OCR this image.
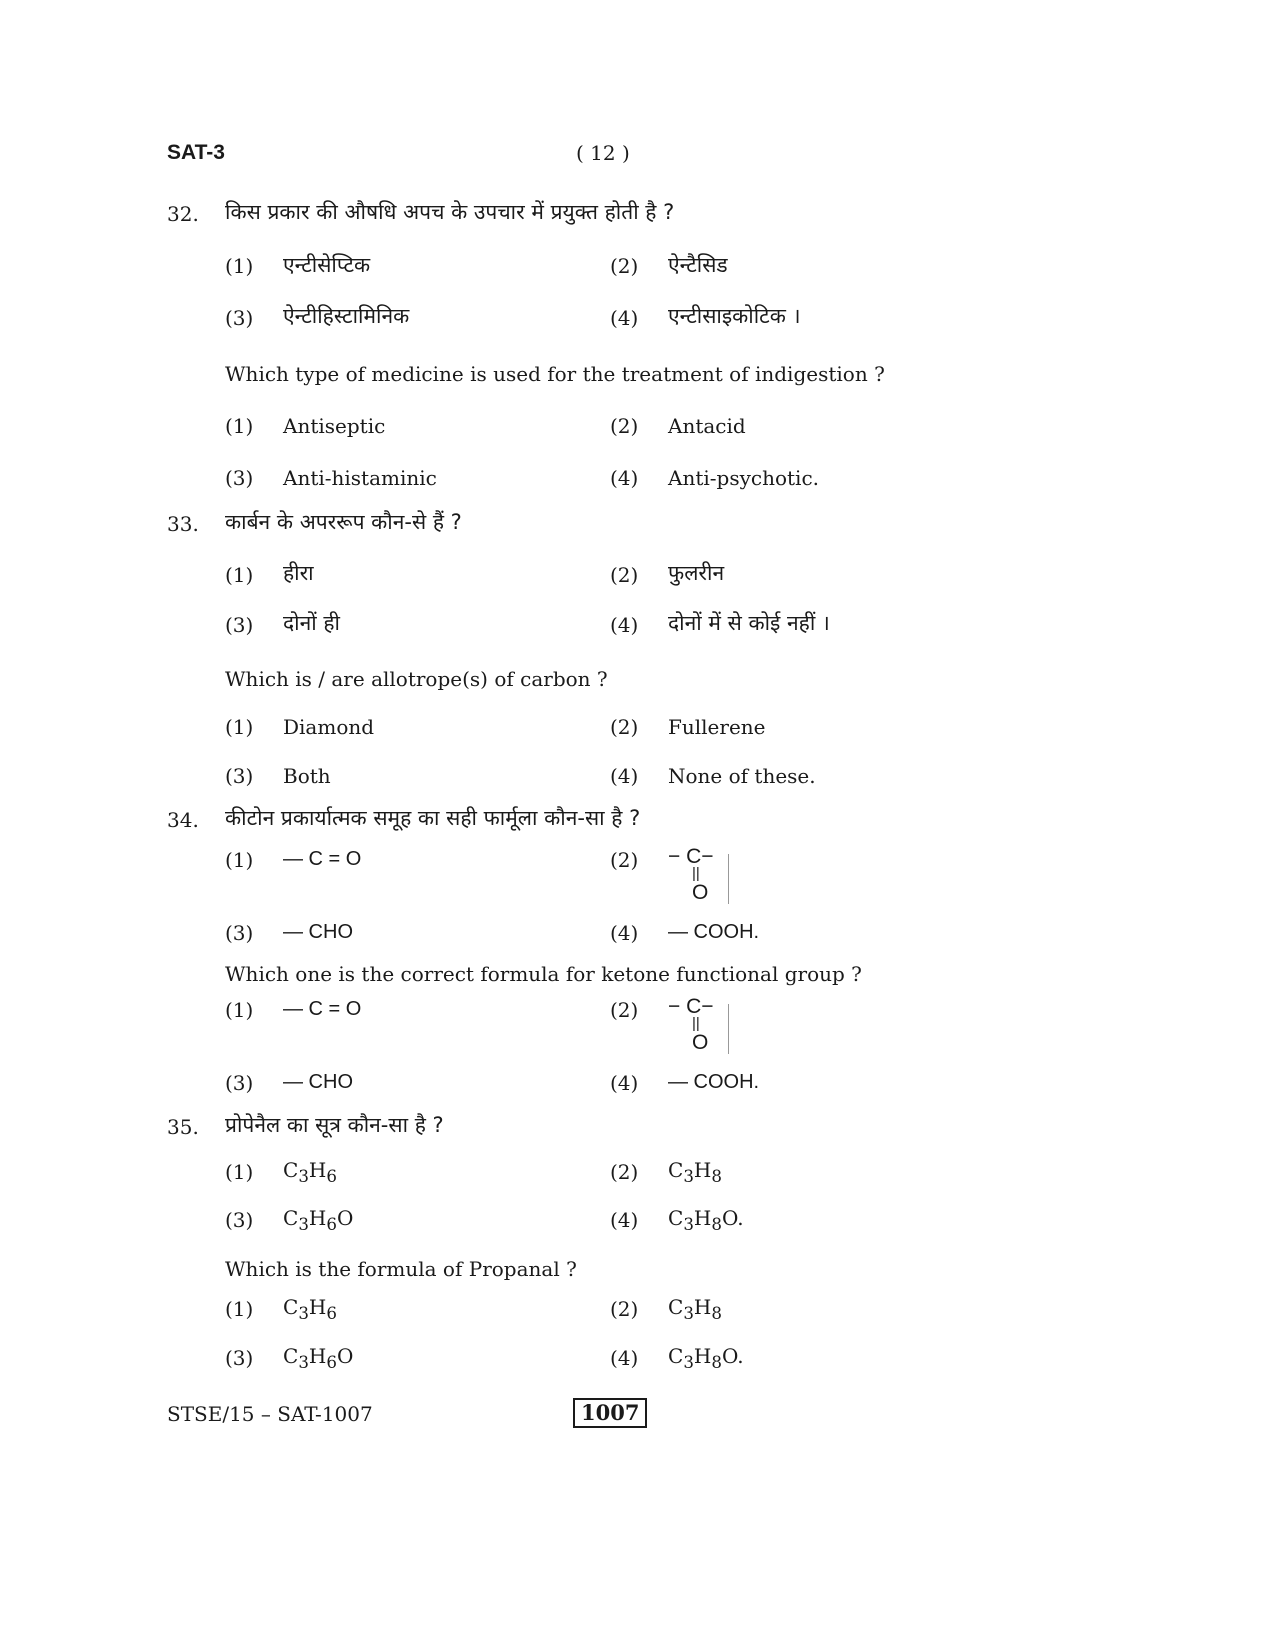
SAT-3	( 12 )
32. किस प्रकार की औषधि अपच के उपचार में प्रयुक्त होती है ?
(1) एन्टीसेप्टिक	(2) ऐन्टैसिड
(3) ऐन्टीहिस्टामिनिक	(4) एन्टीसाइकोटिक ।
Which type of medicine is used for the treatment of indigestion ?
(1) Antiseptic	(2) Antacid
(3) Anti-histaminic	(4) Anti-psychotic.
33. कार्बन के अपररूप कौन-से हैं ?
(1) हीरा	(2) फुलरीन
(3) दोनों ही	(4) दोनों में से कोई नहीं ।
Which is / are allotrope(s) of carbon ?
(1) Diamond	(2) Fullerene
(3) Both	(4) None of these.
34. कीटोन प्रकार्यात्मक समूह का सही फार्मूला कौन-सा है ?
(1) — C = O	(2) − C−
||
O
(3) — CHO	(4) — COOH.
Which one is the correct formula for ketone functional group ?
(1) — C = O	(2) − C−
||
O
(3) — CHO	(4) — COOH.
35. प्रोपेनैल का सूत्र कौन-सा है ?
(1) $C_3H_6$	(2) $C_3H_8$
(3) $C_3H_6O$	(4) $C_3H_8O$.
Which is the formula of Propanal ?
(1) $C_3H_6$	(2) $C_3H_8$
(3) $C_3H_6O$	(4) $C_3H_8O$.
STSE/15 – SAT-1007	1007
